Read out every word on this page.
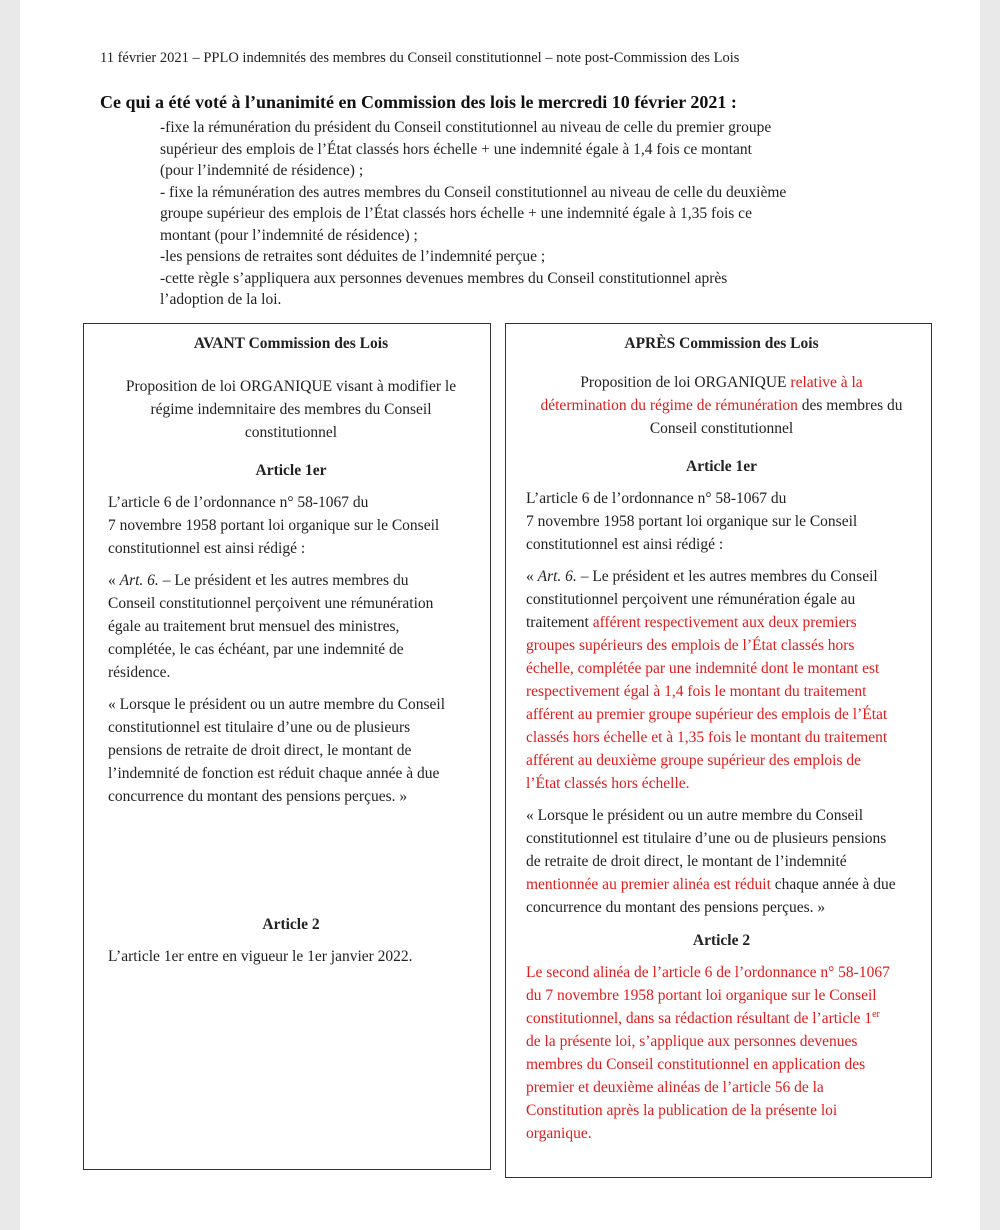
11 février 2021 – PPLO indemnités des membres du Conseil constitutionnel – note post-Commission des Lois
Ce qui a été voté à l’unanimité en Commission des lois le mercredi 10 février 2021 :

-fixe la rémunération du président du Conseil constitutionnel au niveau de celle du premier groupe

supérieur des emplois de l’État classés hors échelle + une indemnité égale à 1,4 fois ce montant

(pour l’indemnité de résidence) ;

- fixe la rémunération des autres membres du Conseil constitutionnel au niveau de celle du deuxième

groupe supérieur des emplois de l’État classés hors échelle + une indemnité égale à 1,35 fois ce

montant (pour l’indemnité de résidence) ;

-les pensions de retraites sont déduites de l’indemnité perçue ;

-cette règle s’appliquera aux personnes devenues membres du Conseil constitutionnel après

l’adoption de la loi.

AVANT Commission des Lois
Proposition de loi ORGANIQUE visant à modifier le
régime indemnitaire des membres du Conseil
constitutionnel
Article 1er
L’article 6 de l’ordonnance n° 58-1067 du
7 novembre 1958 portant loi organique sur le Conseil
constitutionnel est ainsi rédigé :
« Art. 6. – Le président et les autres membres du
Conseil constitutionnel perçoivent une rémunération
égale au traitement brut mensuel des ministres,
complétée, le cas échéant, par une indemnité de
résidence.
« Lorsque le président ou un autre membre du Conseil
constitutionnel est titulaire d’une ou de plusieurs
pensions de retraite de droit direct, le montant de
l’indemnité de fonction est réduit chaque année à due
concurrence du montant des pensions perçues. »
Article 2
L’article 1er entre en vigueur le 1er janvier 2022.
APRÈS Commission des Lois
Proposition de loi ORGANIQUE relative à la
détermination du régime de rémunération des membres du
Conseil constitutionnel
Article 1er
L’article 6 de l’ordonnance n° 58-1067 du
7 novembre 1958 portant loi organique sur le Conseil
constitutionnel est ainsi rédigé :
« Art. 6. – Le président et les autres membres du Conseil
constitutionnel perçoivent une rémunération égale au
traitement afférent respectivement aux deux premiers
groupes supérieurs des emplois de l’État classés hors
échelle, complétée par une indemnité dont le montant est
respectivement égal à 1,4 fois le montant du traitement
afférent au premier groupe supérieur des emplois de l’État
classés hors échelle et à 1,35 fois le montant du traitement
afférent au deuxième groupe supérieur des emplois de
l’État classés hors échelle.
« Lorsque le président ou un autre membre du Conseil
constitutionnel est titulaire d’une ou de plusieurs pensions
de retraite de droit direct, le montant de l’indemnité
mentionnée au premier alinéa est réduit chaque année à due
concurrence du montant des pensions perçues. »
Article 2
Le second alinéa de l’article 6 de l’ordonnance n° 58-1067
du 7 novembre 1958 portant loi organique sur le Conseil
constitutionnel, dans sa rédaction résultant de l’article 1er
de la présente loi, s’applique aux personnes devenues
membres du Conseil constitutionnel en application des
premier et deuxième alinéas de l’article 56 de la
Constitution après la publication de la présente loi
organique.
